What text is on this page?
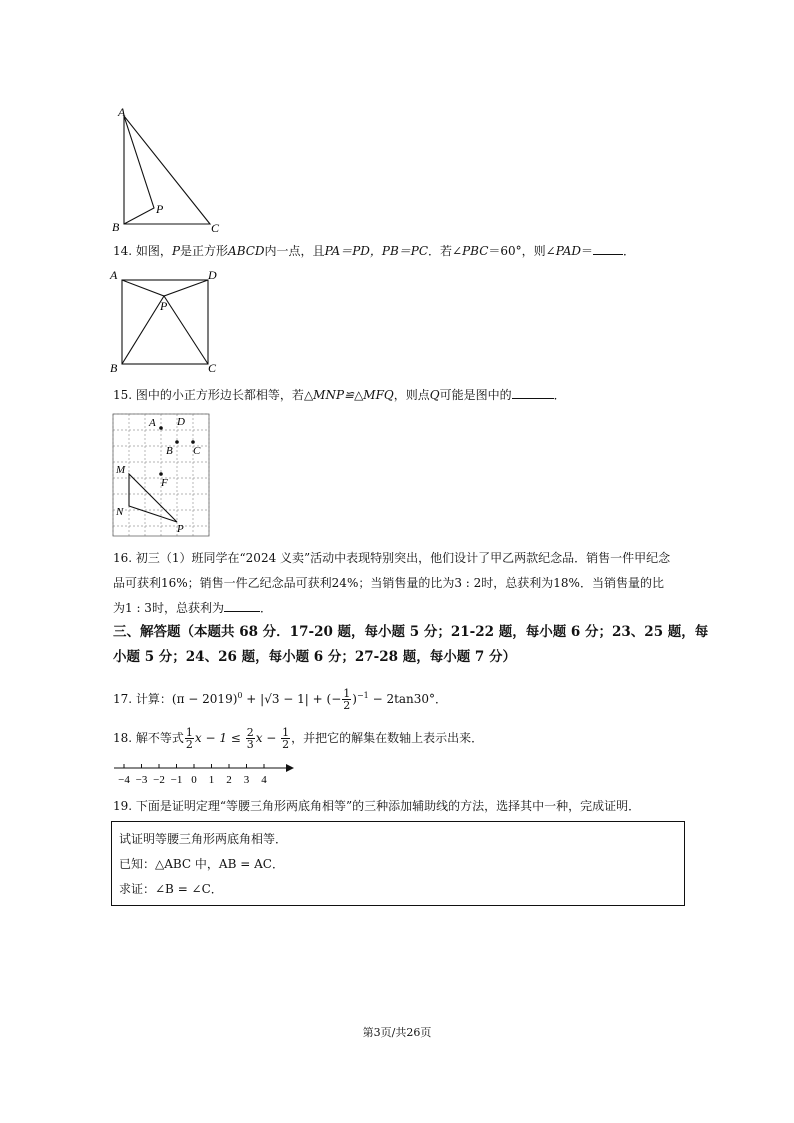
A
B	C
P
14. 如图，P是正方形ABCD内一点，且PA＝PD，PB＝PC．若∠PBC＝60°，则∠PAD＝	．
A	D
P
B	C
15. 图中的小正方形边长都相等，若△MNP≌△MFQ，则点Q可能是图中的	．
A D
B C
M
F
N
P
16. 初三（1）班同学在“2024 义卖”活动中表现特别突出，他们设计了甲乙两款纪念品．销售一件甲纪念
品可获利16%；销售一件乙纪念品可获利24%；当销售量的比为3 : 2时，总获利为18%．当销售量的比
为1 : 3时，总获利为	．
三、解答题（本题共 68 分．17-20 题，每小题 5 分；21-22 题，每小题 6 分；23、25 题，每
小题 5 分；24、26 题，每小题 6 分；27-28 题，每小题 7 分）
17. 计算：$(\pi - 2019)^0 + |√3 - 1|$ + (− $\frac{1}{2} )^{-1} - 2\tan 30^\circ$．
18. 解不等式 $\frac{1}{2}$ $x - 1 \le \frac{2}{3}$ $x - \frac{1}{2}$ ，并把它的解集在数轴上表示出来．
−4 −3 −2 −1 0 1 2 3 4
19. 下面是证明定理“等腰三角形两底角相等”的三种添加辅助线的方法，选择其中一种，完成证明．
试证明等腰三角形两底角相等．
已知：△ABC 中，AB = AC．
求证：∠B = ∠C．
第3页/共26页
